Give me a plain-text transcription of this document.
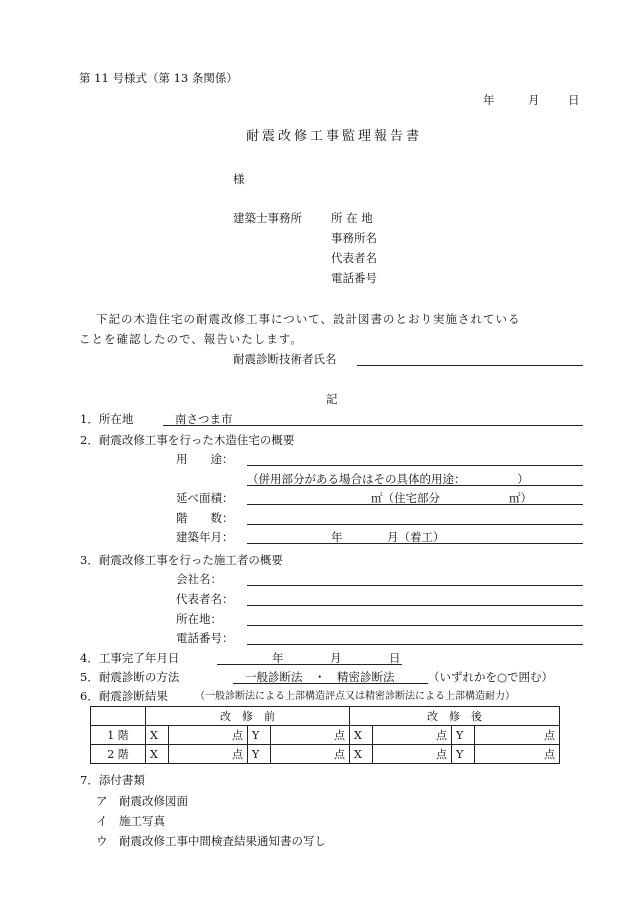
第 11 号様式（第 13 条関係）
年	月 日
耐震改修工事監理報告書
様
建築士事務所	所 在 地
事務所名
代表者名
電話番号
下記の木造住宅の耐震改修工事について、設計図書のとおり実施されている
ことを確認したので、報告いたします。
耐震診断技術者氏名
記
1．所在地	南さつま市
2．耐震改修工事を行った木造住宅の概要
用　　途：
（併用部分がある場合はその具体的用途：　　　　　）
延べ面積：	㎡（住宅部分　　　　　　㎡）
階　　数：
建築年月：	年	月（着工）
3．耐震改修工事を行った施工者の概要
会社名：
代表者名：
所在地：
電話番号：
4．工事完了年月日	年	月	日
5．耐震診断の方法	一般診断法　・　精密診断法	（いずれかを○で囲む）
6．耐震診断結果	（一般診断法による上部構造評点又は精密診断法による上部構造耐力）
	改　修　前				改　修　後			
1 階	X	点	Y	点	X	点	Y	点
2 階	X	点	Y	点	X	点	Y	点
7．添付書類
ア　耐震改修図面
イ　施工写真
ウ　耐震改修工事中間検査結果通知書の写し
